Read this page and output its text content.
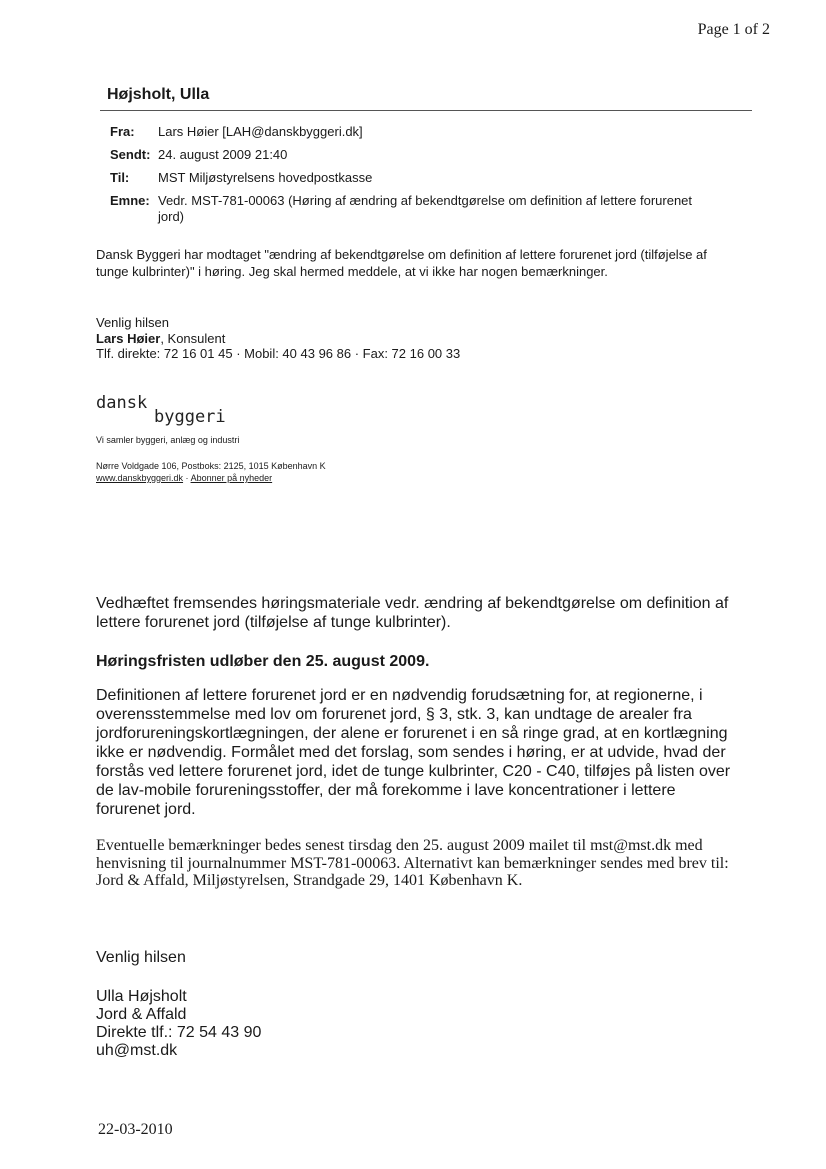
Page 1 of 2
Højsholt, Ulla
Fra: Lars Høier [LAH@danskbyggeri.dk]
Sendt: 24. august 2009 21:40
Til: MST Miljøstyrelsens hovedpostkasse
Emne: Vedr. MST-781-00063 (Høring af ændring af bekendtgørelse om definition af lettere forurenet
jord)
Dansk Byggeri har modtaget "ændring af bekendtgørelse om definition af lettere forurenet jord (tilføjelse af
tunge kulbrinter)" i høring. Jeg skal hermed meddele, at vi ikke har nogen bemærkninger.
Venlig hilsen
Lars Høier, Konsulent
Tlf. direkte: 72 16 01 45 · Mobil: 40 43 96 86 · Fax: 72 16 00 33
dansk
byggeri
Vi samler byggeri, anlæg og industri
Nørre Voldgade 106, Postboks: 2125, 1015 København K
www.danskbyggeri.dk · Abonner på nyheder
Vedhæftet fremsendes høringsmateriale vedr. ændring af bekendtgørelse om definition af
lettere forurenet jord (tilføjelse af tunge kulbrinter).
Høringsfristen udløber den 25. august 2009.
Definitionen af lettere forurenet jord er en nødvendig forudsætning for, at regionerne, i
overensstemmelse med lov om forurenet jord, § 3, stk. 3, kan undtage de arealer fra
jordforureningskortlægningen, der alene er forurenet i en så ringe grad, at en kortlægning
ikke er nødvendig. Formålet med det forslag, som sendes i høring, er at udvide, hvad der
forstås ved lettere forurenet jord, idet de tunge kulbrinter, C20 - C40, tilføjes på listen over
de lav-mobile forureningsstoffer, der må forekomme i lave koncentrationer i lettere
forurenet jord.
Eventuelle bemærkninger bedes senest tirsdag den 25. august 2009 mailet til mst@mst.dk med
henvisning til journalnummer MST-781-00063. Alternativt kan bemærkninger sendes med brev til:
Jord & Affald, Miljøstyrelsen, Strandgade 29, 1401 København K.
Venlig hilsen
Ulla Højsholt
Jord & Affald
Direkte tlf.: 72 54 43 90
uh@mst.dk
22-03-2010
